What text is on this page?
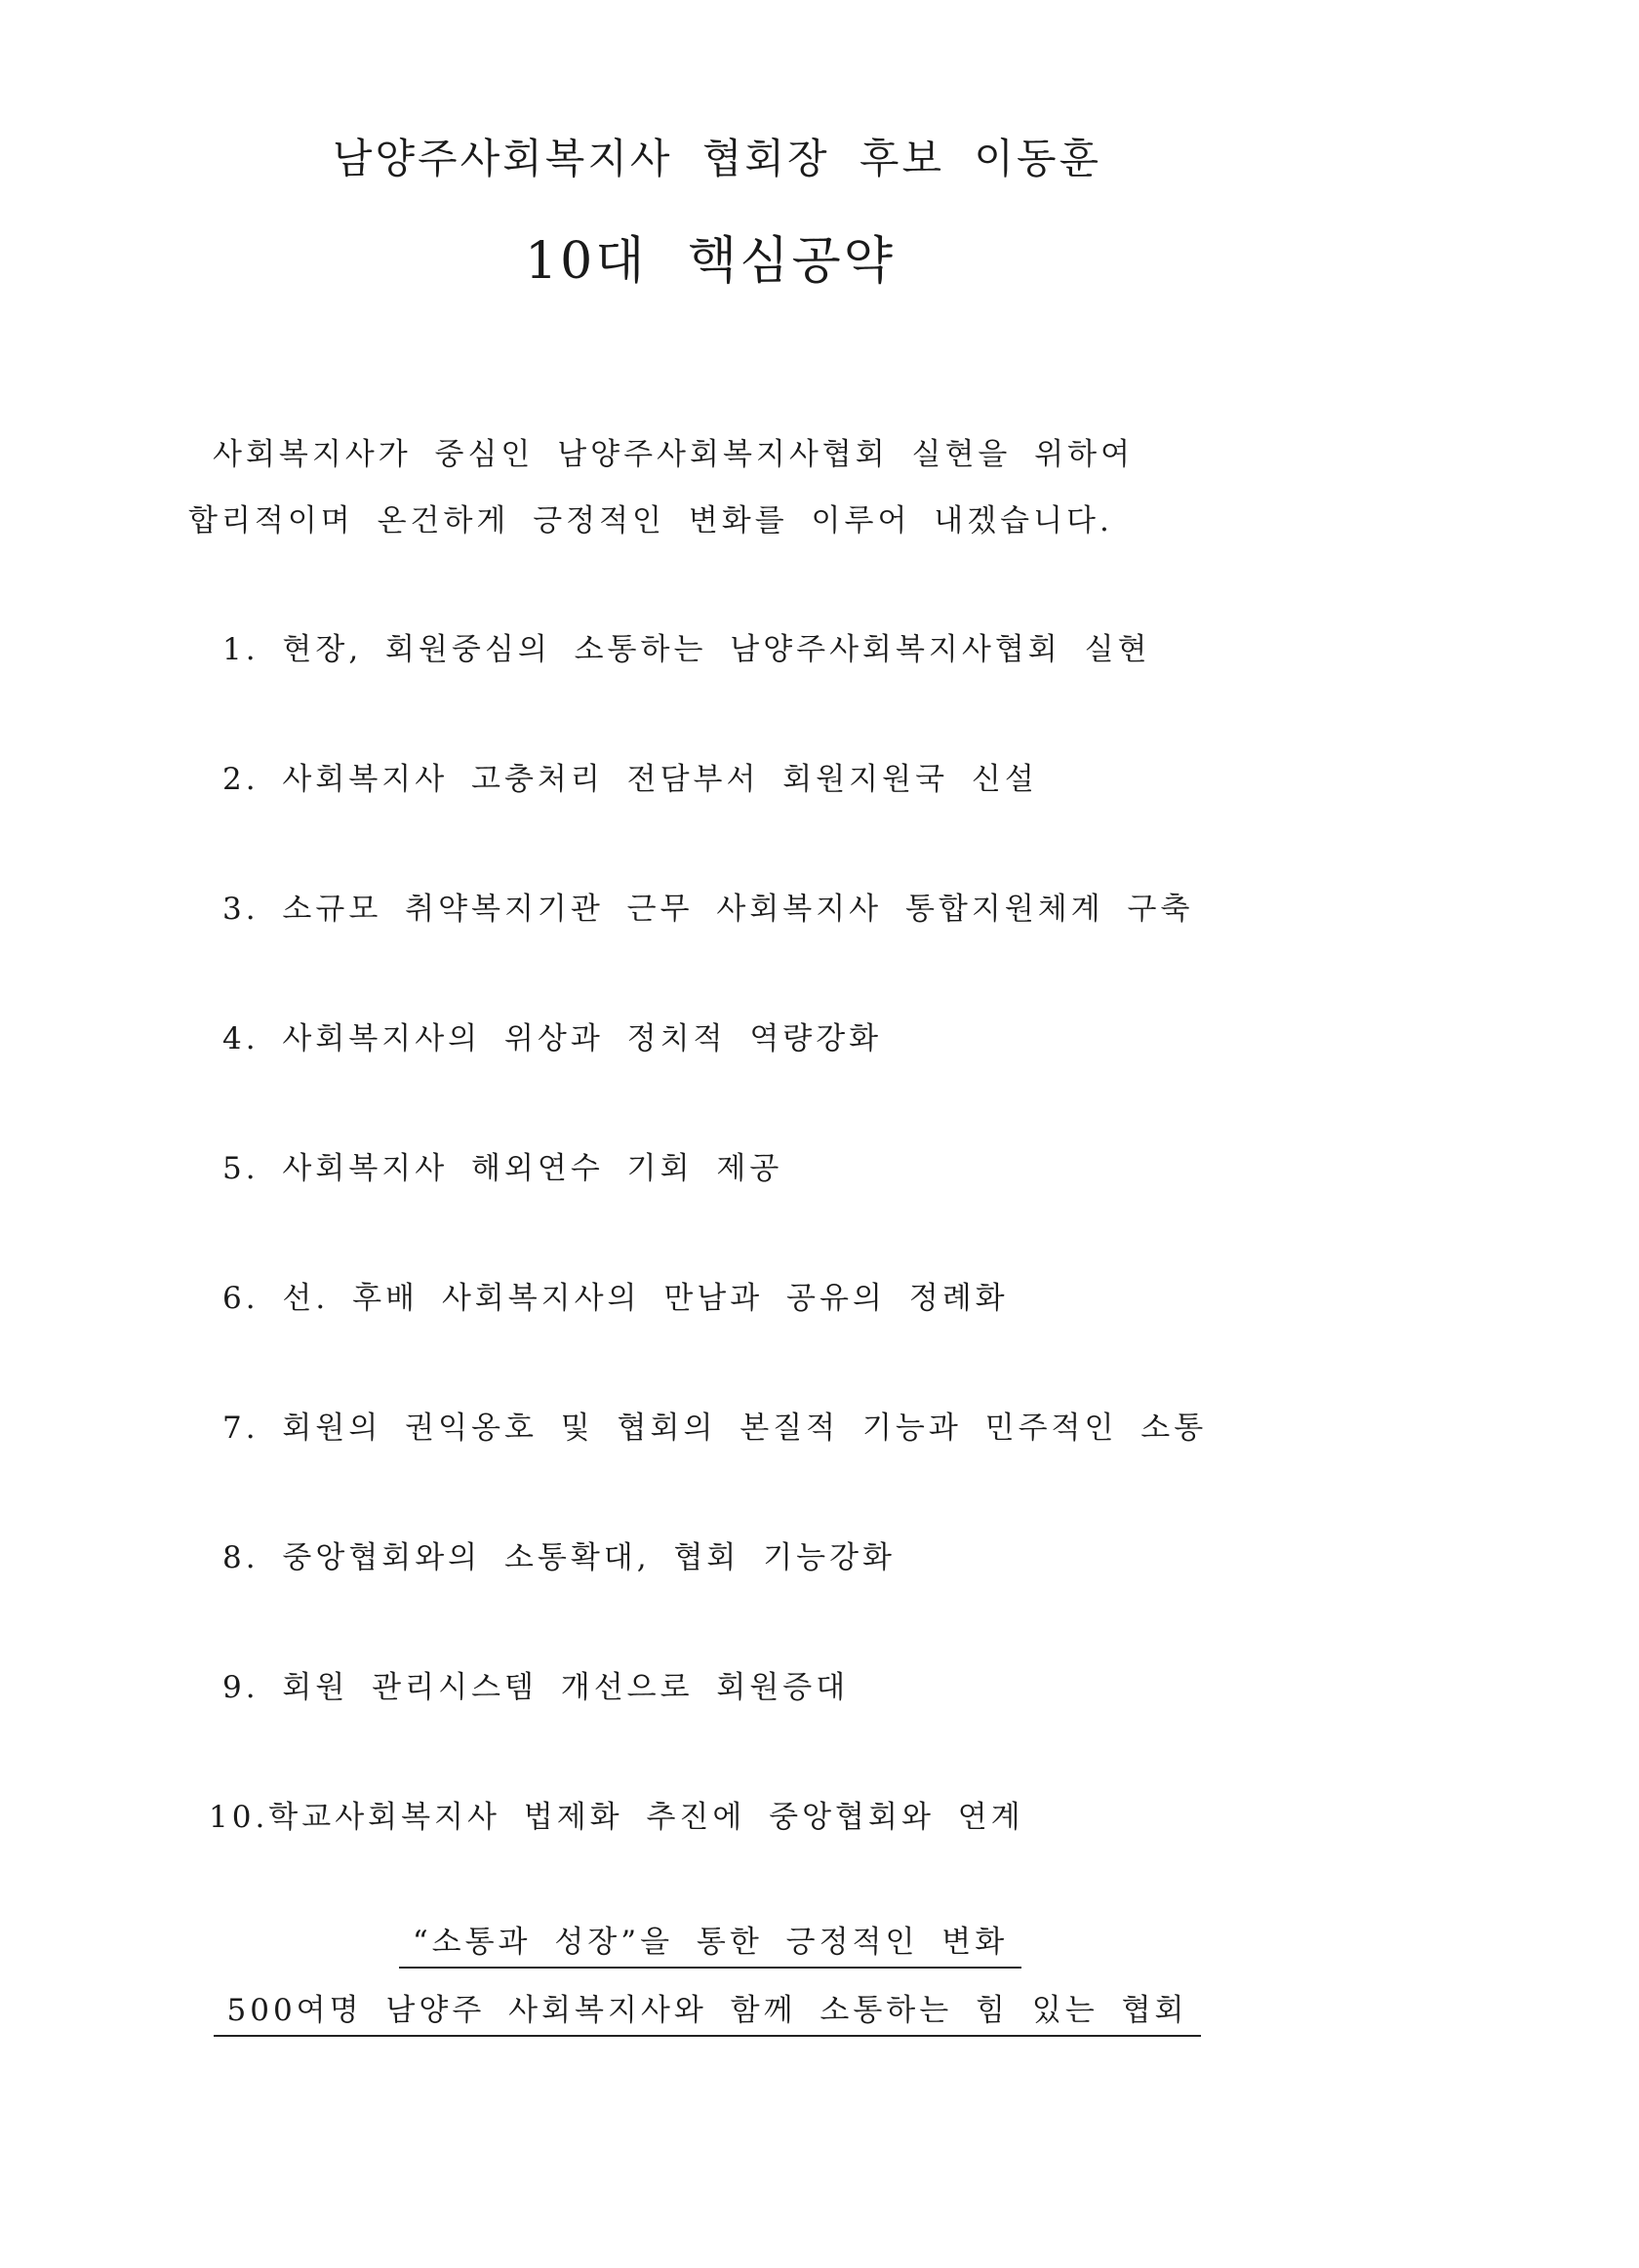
남양주사회복지사 협회장 후보 이동훈
10대 핵심공약
사회복지사가 중심인 남양주사회복지사협회 실현을 위하여
합리적이며 온건하게 긍정적인 변화를 이루어 내겠습니다.
1. 현장, 회원중심의 소통하는 남양주사회복지사협회 실현
2. 사회복지사 고충처리 전담부서 회원지원국 신설
3. 소규모 취약복지기관 근무 사회복지사 통합지원체계 구축
4. 사회복지사의 위상과 정치적 역량강화
5. 사회복지사 해외연수 기회 제공
6. 선. 후배 사회복지사의 만남과 공유의 정례화
7. 회원의 권익옹호 및 협회의 본질적 기능과 민주적인 소통
8. 중앙협회와의 소통확대, 협회 기능강화
9. 회원 관리시스템 개선으로 회원증대
10.학교사회복지사 법제화 추진에 중앙협회와 연계
“소통과 성장”을 통한 긍정적인 변화
500여명 남양주 사회복지사와 함께 소통하는 힘 있는 협회
